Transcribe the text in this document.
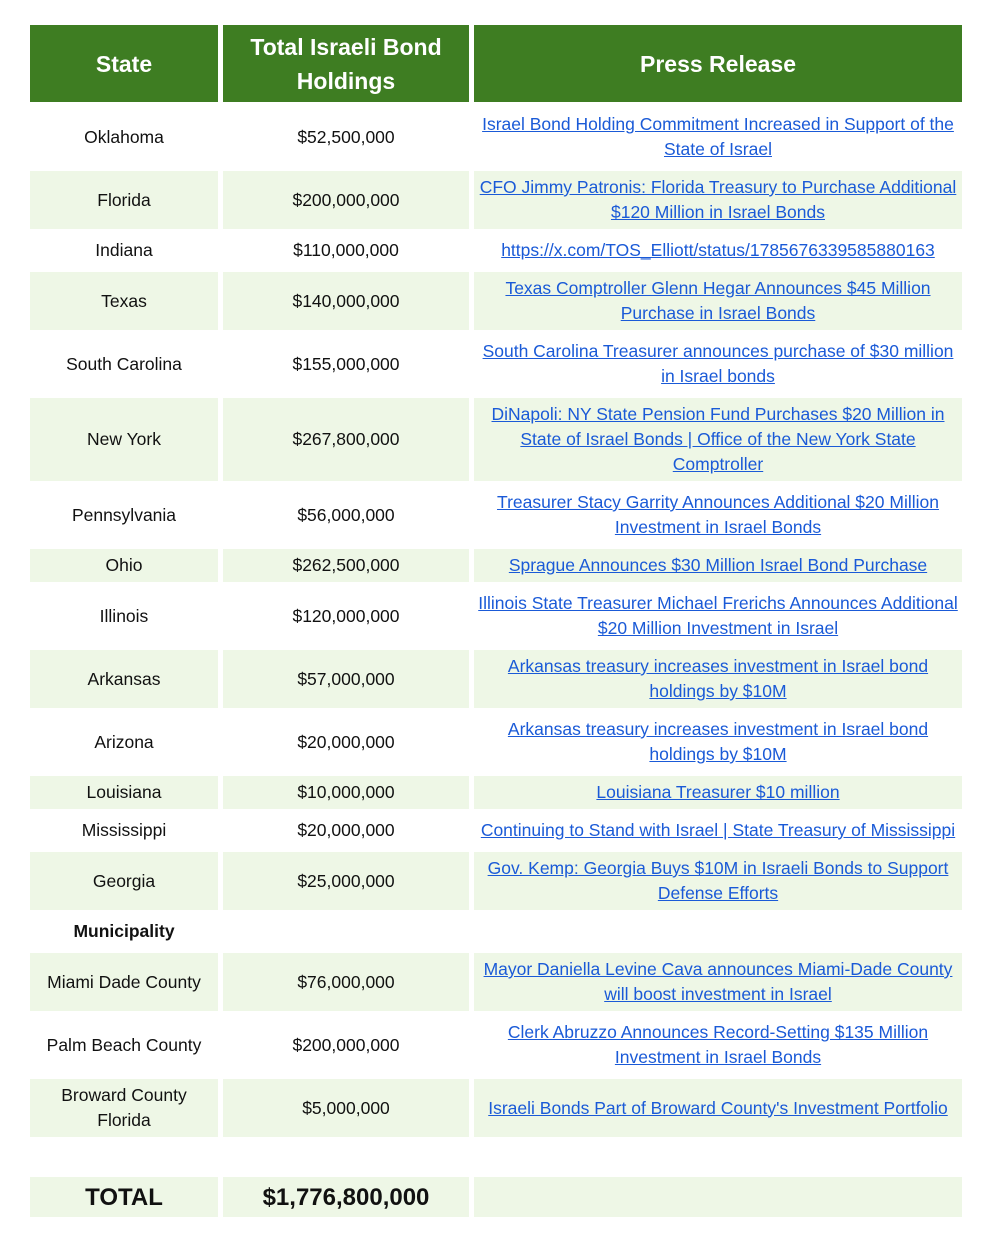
State	Total Israeli Bond Holdings	Press Release
Oklahoma	$52,500,000	Israel Bond Holding Commitment Increased in Support of the State of Israel
Florida	$200,000,000	CFO Jimmy Patronis: Florida Treasury to Purchase Additional $120 Million in Israel Bonds
Indiana	$110,000,000	https://x.com/TOS_Elliott/status/1785676339585880163
Texas	$140,000,000	Texas Comptroller Glenn Hegar Announces $45 Million Purchase in Israel Bonds
South Carolina	$155,000,000	South Carolina Treasurer announces purchase of $30 million in Israel bonds
New York	$267,800,000	DiNapoli: NY State Pension Fund Purchases $20 Million in State of Israel Bonds | Office of the New York State Comptroller
Pennsylvania	$56,000,000	Treasurer Stacy Garrity Announces Additional $20 Million Investment in Israel Bonds
Ohio	$262,500,000	Sprague Announces $30 Million Israel Bond Purchase
Illinois	$120,000,000	Illinois State Treasurer Michael Frerichs Announces Additional $20 Million Investment in Israel
Arkansas	$57,000,000	Arkansas treasury increases investment in Israel bond holdings by $10M
Arizona	$20,000,000	Arkansas treasury increases investment in Israel bond holdings by $10M
Louisiana	$10,000,000	Louisiana Treasurer $10 million
Mississippi	$20,000,000	Continuing to Stand with Israel | State Treasury of Mississippi
Georgia	$25,000,000	Gov. Kemp: Georgia Buys $10M in Israeli Bonds to Support Defense Efforts
Municipality		
Miami Dade County	$76,000,000	Mayor Daniella Levine Cava announces Miami-Dade County will boost investment in Israel
Palm Beach County	$200,000,000	Clerk Abruzzo Announces Record-Setting $135 Million Investment in Israel Bonds
Broward County Florida	$5,000,000	Israeli Bonds Part of Broward County's Investment Portfolio

TOTAL	$1,776,800,000	
